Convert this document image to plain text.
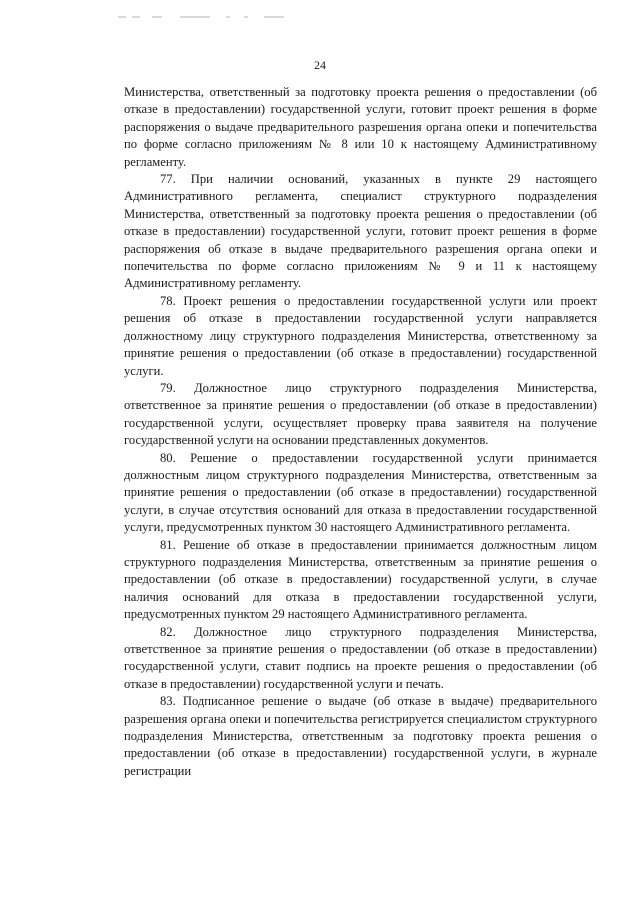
24

Министерства, ответственный за подготовку проекта решения о предоставлении (об отказе в предоставлении) государственной услуги, готовит проект решения в форме распоряжения о выдаче предварительного разрешения органа опеки и попечительства по форме согласно приложениям № 8 или 10 к настоящему Административному регламенту.

77. При наличии оснований, указанных в пункте 29 настоящего Административного регламента, специалист структурного подразделения Министерства, ответственный за подготовку проекта решения о предоставлении (об отказе в предоставлении) государственной услуги, готовит проект решения в форме распоряжения об отказе в выдаче предварительного разрешения органа опеки и попечительства по форме согласно приложениям № 9 и 11 к настоящему Административному регламенту.

78. Проект решения о предоставлении государственной услуги или проект решения об отказе в предоставлении государственной услуги направляется должностному лицу структурного подразделения Министерства, ответственному за принятие решения о предоставлении (об отказе в предоставлении) государственной услуги.

79. Должностное лицо структурного подразделения Министерства, ответственное за принятие решения о предоставлении (об отказе в предоставлении) государственной услуги, осуществляет проверку права заявителя на получение государственной услуги на основании представленных документов.

80. Решение о предоставлении государственной услуги принимается должностным лицом структурного подразделения Министерства, ответственным за принятие решения о предоставлении (об отказе в предоставлении) государственной услуги, в случае отсутствия оснований для отказа в предоставлении государственной услуги, предусмотренных пунктом 30 настоящего Административного регламента.

81. Решение об отказе в предоставлении принимается должностным лицом структурного подразделения Министерства, ответственным за принятие решения о предоставлении (об отказе в предоставлении) государственной услуги, в случае наличия оснований для отказа в предоставлении государственной услуги, предусмотренных пунктом 29 настоящего Административного регламента.

82. Должностное лицо структурного подразделения Министерства, ответственное за принятие решения о предоставлении (об отказе в предоставлении) государственной услуги, ставит подпись на проекте решения о предоставлении (об отказе в предоставлении) государственной услуги и печать.

83. Подписанное решение о выдаче (об отказе в выдаче) предварительного разрешения органа опеки и попечительства регистрируется специалистом структурного подразделения Министерства, ответственным за подготовку проекта решения о предоставлении (об отказе в предоставлении) государственной услуги, в журнале регистрации
